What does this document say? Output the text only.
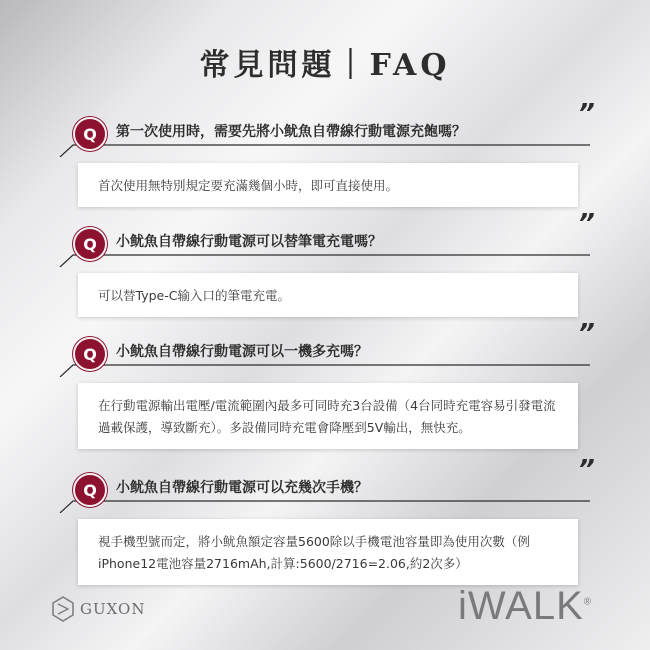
常見問題｜FAQ
Q	第一次使用時，需要先將小鱿魚自帶線行動電源充飽嗎？
”
首次使用無特別規定要充滿幾個小時，即可直接使用。
Q	小鱿魚自帶線行動電源可以替筆電充電嗎？
”
可以替Type-C输入口的筆電充電。
Q	小鱿魚自帶線行動電源可以一機多充嗎？
”
在行動電源輸出電壓/電流範圍內最多可同時充3台設備（4台同時充電容易引發電流過載保護，導致斷充）。多設備同時充電會降壓到5V輸出，無快充。
Q	小鱿魚自帶線行動電源可以充幾次手機？
”
視手機型號而定，將小鱿魚額定容量5600除以手機電池容量即為使用次數（例iPhone12電池容量2716mAh,計算:5600/2716=2.06,約2次多）
GUXON	iWALK®
